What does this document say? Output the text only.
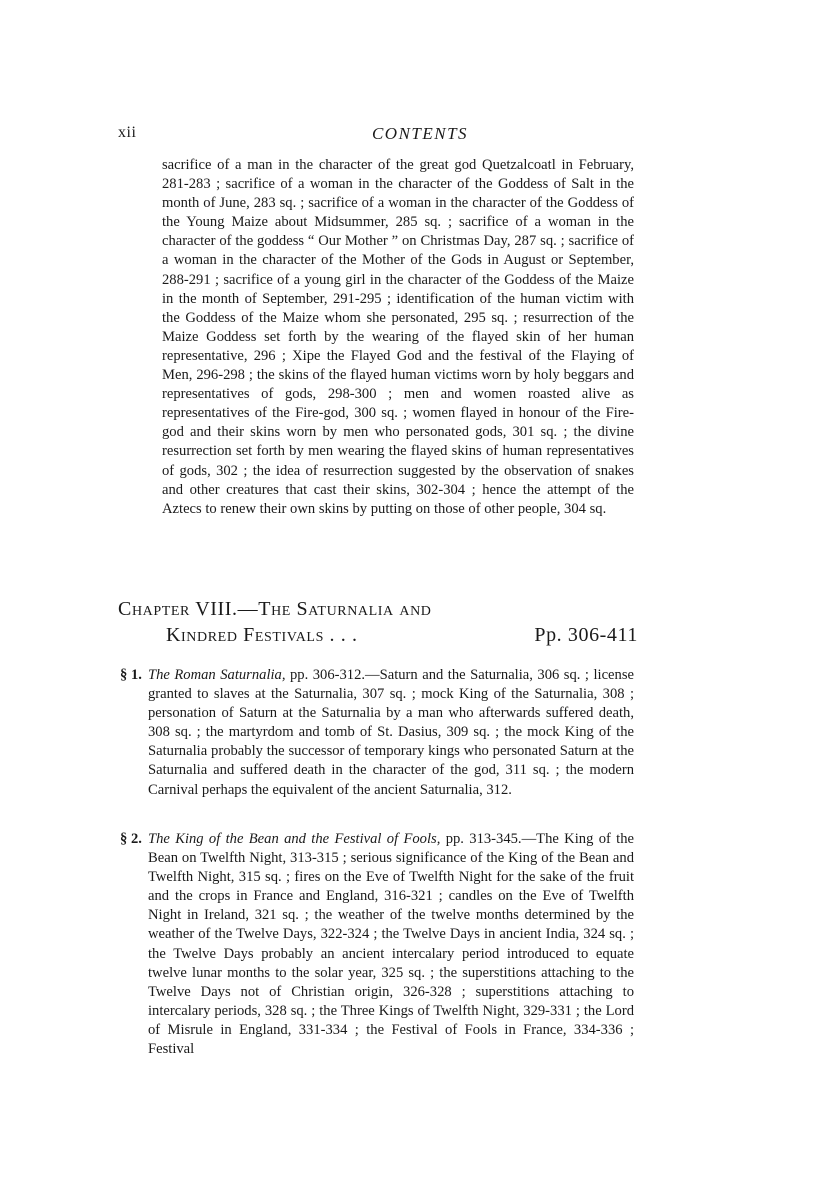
xii	CONTENTS
sacrifice of a man in the character of the great god Quetzalcoatl in February, 281-283 ; sacrifice of a woman in the character of the Goddess of Salt in the month of June, 283 sq. ; sacrifice of a woman in the character of the Goddess of the Young Maize about Midsummer, 285 sq. ; sacrifice of a woman in the character of the goddess “ Our Mother ” on Christmas Day, 287 sq. ; sacrifice of a woman in the character of the Mother of the Gods in August or September, 288-291 ; sacrifice of a young girl in the character of the Goddess of the Maize in the month of September, 291-295 ; identification of the human victim with the Goddess of the Maize whom she personated, 295 sq. ; resurrection of the Maize Goddess set forth by the wearing of the flayed skin of her human representative, 296 ; Xipe the Flayed God and the festival of the Flaying of Men, 296-298 ; the skins of the flayed human victims worn by holy beggars and representatives of gods, 298-300 ; men and women roasted alive as representatives of the Fire-god, 300 sq. ; women flayed in honour of the Fire-god and their skins worn by men who personated gods, 301 sq. ; the divine resurrection set forth by men wearing the flayed skins of human representatives of gods, 302 ; the idea of resurrection suggested by the observation of snakes and other creatures that cast their skins, 302-304 ; hence the attempt of the Aztecs to renew their own skins by putting on those of other people, 304 sq.
Chapter VIII.—The Saturnalia and
Kindred Festivals . . .	Pp. 306-411

§ 1. The Roman Saturnalia, pp. 306-312.—Saturn and the Saturnalia, 306 sq. ; license granted to slaves at the Saturnalia, 307 sq. ; mock King of the Saturnalia, 308 ; personation of Saturn at the Saturnalia by a man who afterwards suffered death, 308 sq. ; the martyrdom and tomb of St. Dasius, 309 sq. ; the mock King of the Saturnalia probably the successor of temporary kings who personated Saturn at the Saturnalia and suffered death in the character of the god, 311 sq. ; the modern Carnival perhaps the equivalent of the ancient Saturnalia, 312.

§ 2. The King of the Bean and the Festival of Fools, pp. 313-345.—The King of the Bean on Twelfth Night, 313-315 ; serious significance of the King of the Bean and Twelfth Night, 315 sq. ; fires on the Eve of Twelfth Night for the sake of the fruit and the crops in France and England, 316-321 ; candles on the Eve of Twelfth Night in Ireland, 321 sq. ; the weather of the twelve months determined by the weather of the Twelve Days, 322-324 ; the Twelve Days in ancient India, 324 sq. ; the Twelve Days probably an ancient intercalary period introduced to equate twelve lunar months to the solar year, 325 sq. ; the superstitions attaching to the Twelve Days not of Christian origin, 326-328 ; superstitions attaching to intercalary periods, 328 sq. ; the Three Kings of Twelfth Night, 329-331 ; the Lord of Misrule in England, 331-334 ; the Festival of Fools in France, 334-336 ; Festival
